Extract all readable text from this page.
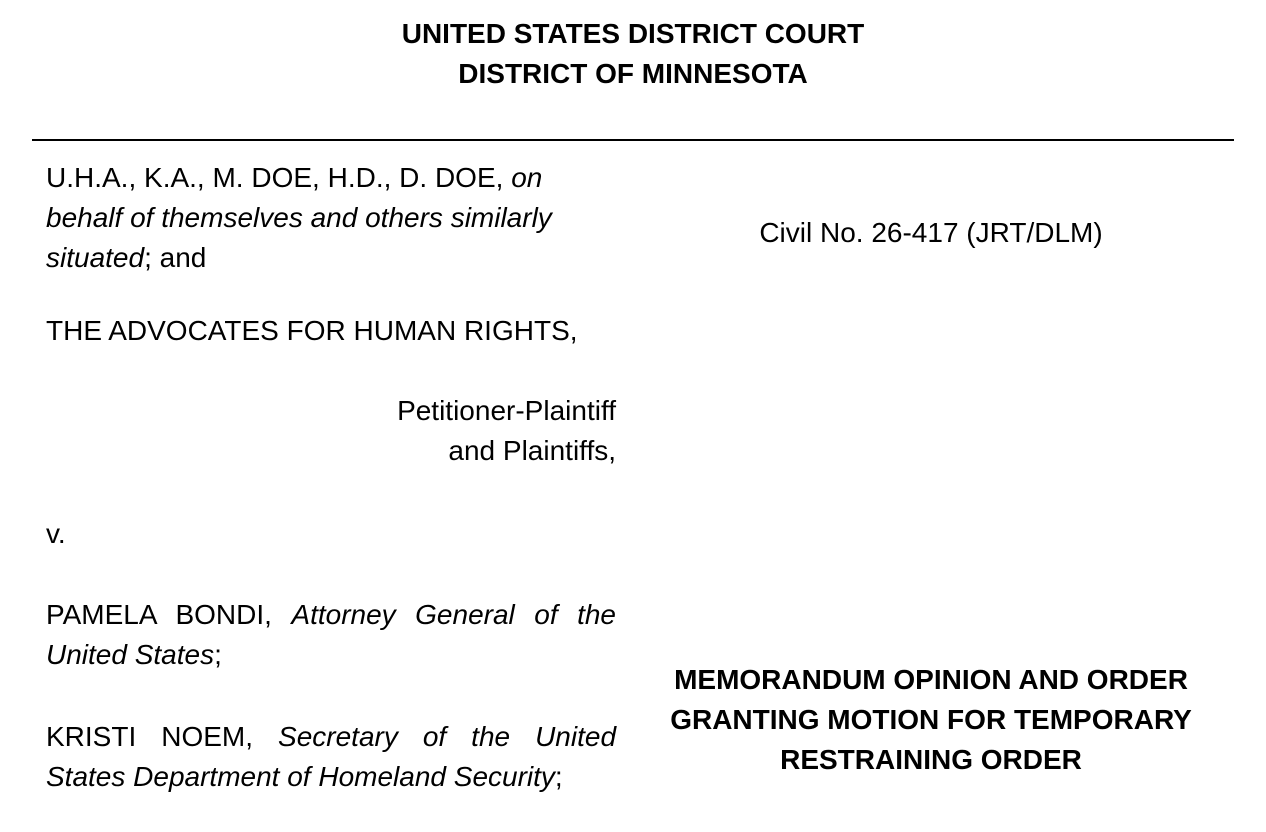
UNITED STATES DISTRICT COURT
DISTRICT OF MINNESOTA
U.H.A., K.A., M. DOE, H.D., D. DOE, on behalf of themselves and others similarly situated; and
THE ADVOCATES FOR HUMAN RIGHTS,
Petitioner-Plaintiff
and Plaintiffs,
v.
PAMELA BONDI, Attorney General of the United States;
KRISTI NOEM, Secretary of the United States Department of Homeland Security;
Civil No. 26-417 (JRT/DLM)
MEMORANDUM OPINION AND ORDER
GRANTING MOTION FOR TEMPORARY
RESTRAINING ORDER
